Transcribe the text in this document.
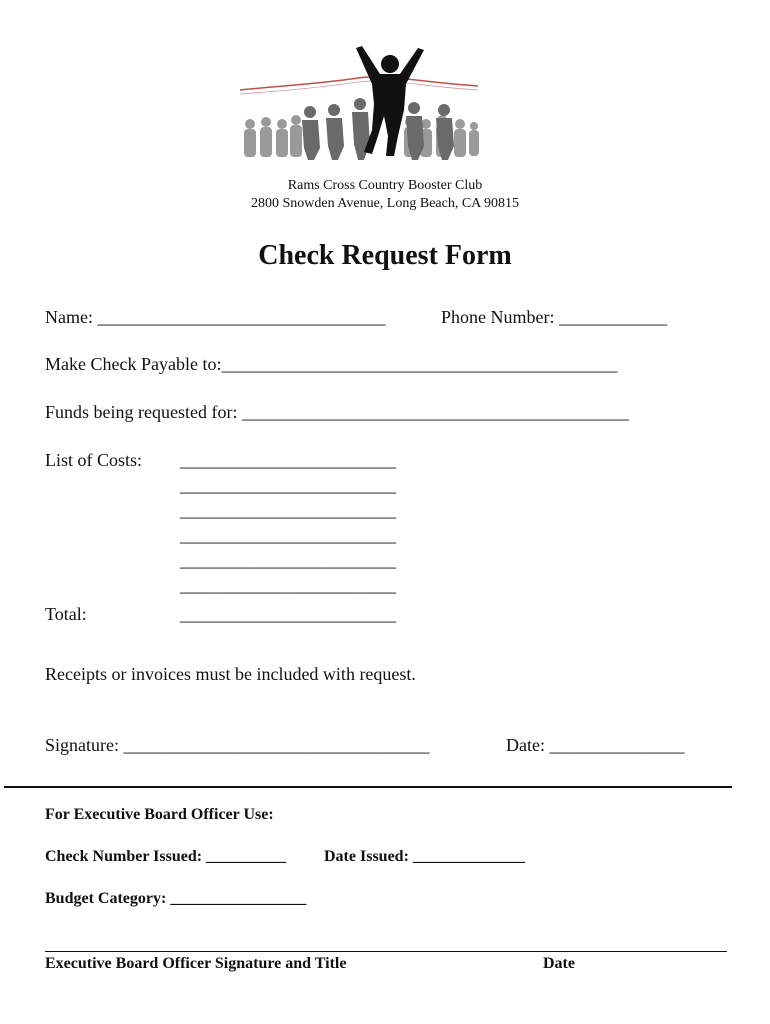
Rams Cross Country Booster Club
2800 Snowden Avenue, Long Beach, CA 90815
Check Request Form
Name: ________________________________	Phone Number: ____________
Make Check Payable to:____________________________________________
Funds being requested for: ___________________________________________
List of Costs: ________________________
________________________
________________________
________________________
________________________
________________________
Total:	________________________
Receipts or invoices must be included with request.
Signature: __________________________________	Date: _______________
For Executive Board Officer Use:
Check Number Issued: __________ Date Issued: ______________
Budget Category: _________________
Executive Board Officer Signature and Title	Date
